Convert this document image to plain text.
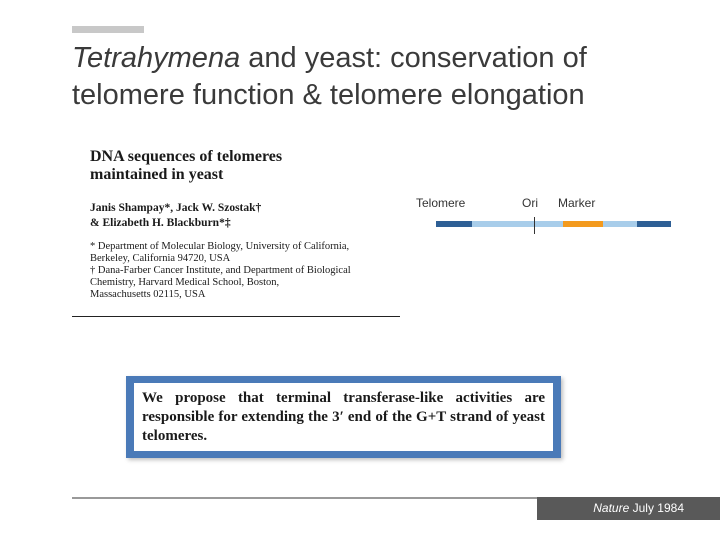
Tetrahymena and yeast: conservation of telomere function & telomere elongation
DNA sequences of telomeres
maintained in yeast
Janis Shampay*, Jack W. Szostak†
& Elizabeth H. Blackburn*‡
* Department of Molecular Biology, University of California,
Berkeley, California 94720, USA
† Dana-Farber Cancer Institute, and Department of Biological
Chemistry, Harvard Medical School, Boston,
Massachusetts 02115, USA
Telomere	Ori Marker
We propose that terminal transferase-like activities are responsible for extending the 3′ end of the G+T strand of yeast telomeres.
Nature July 1984
